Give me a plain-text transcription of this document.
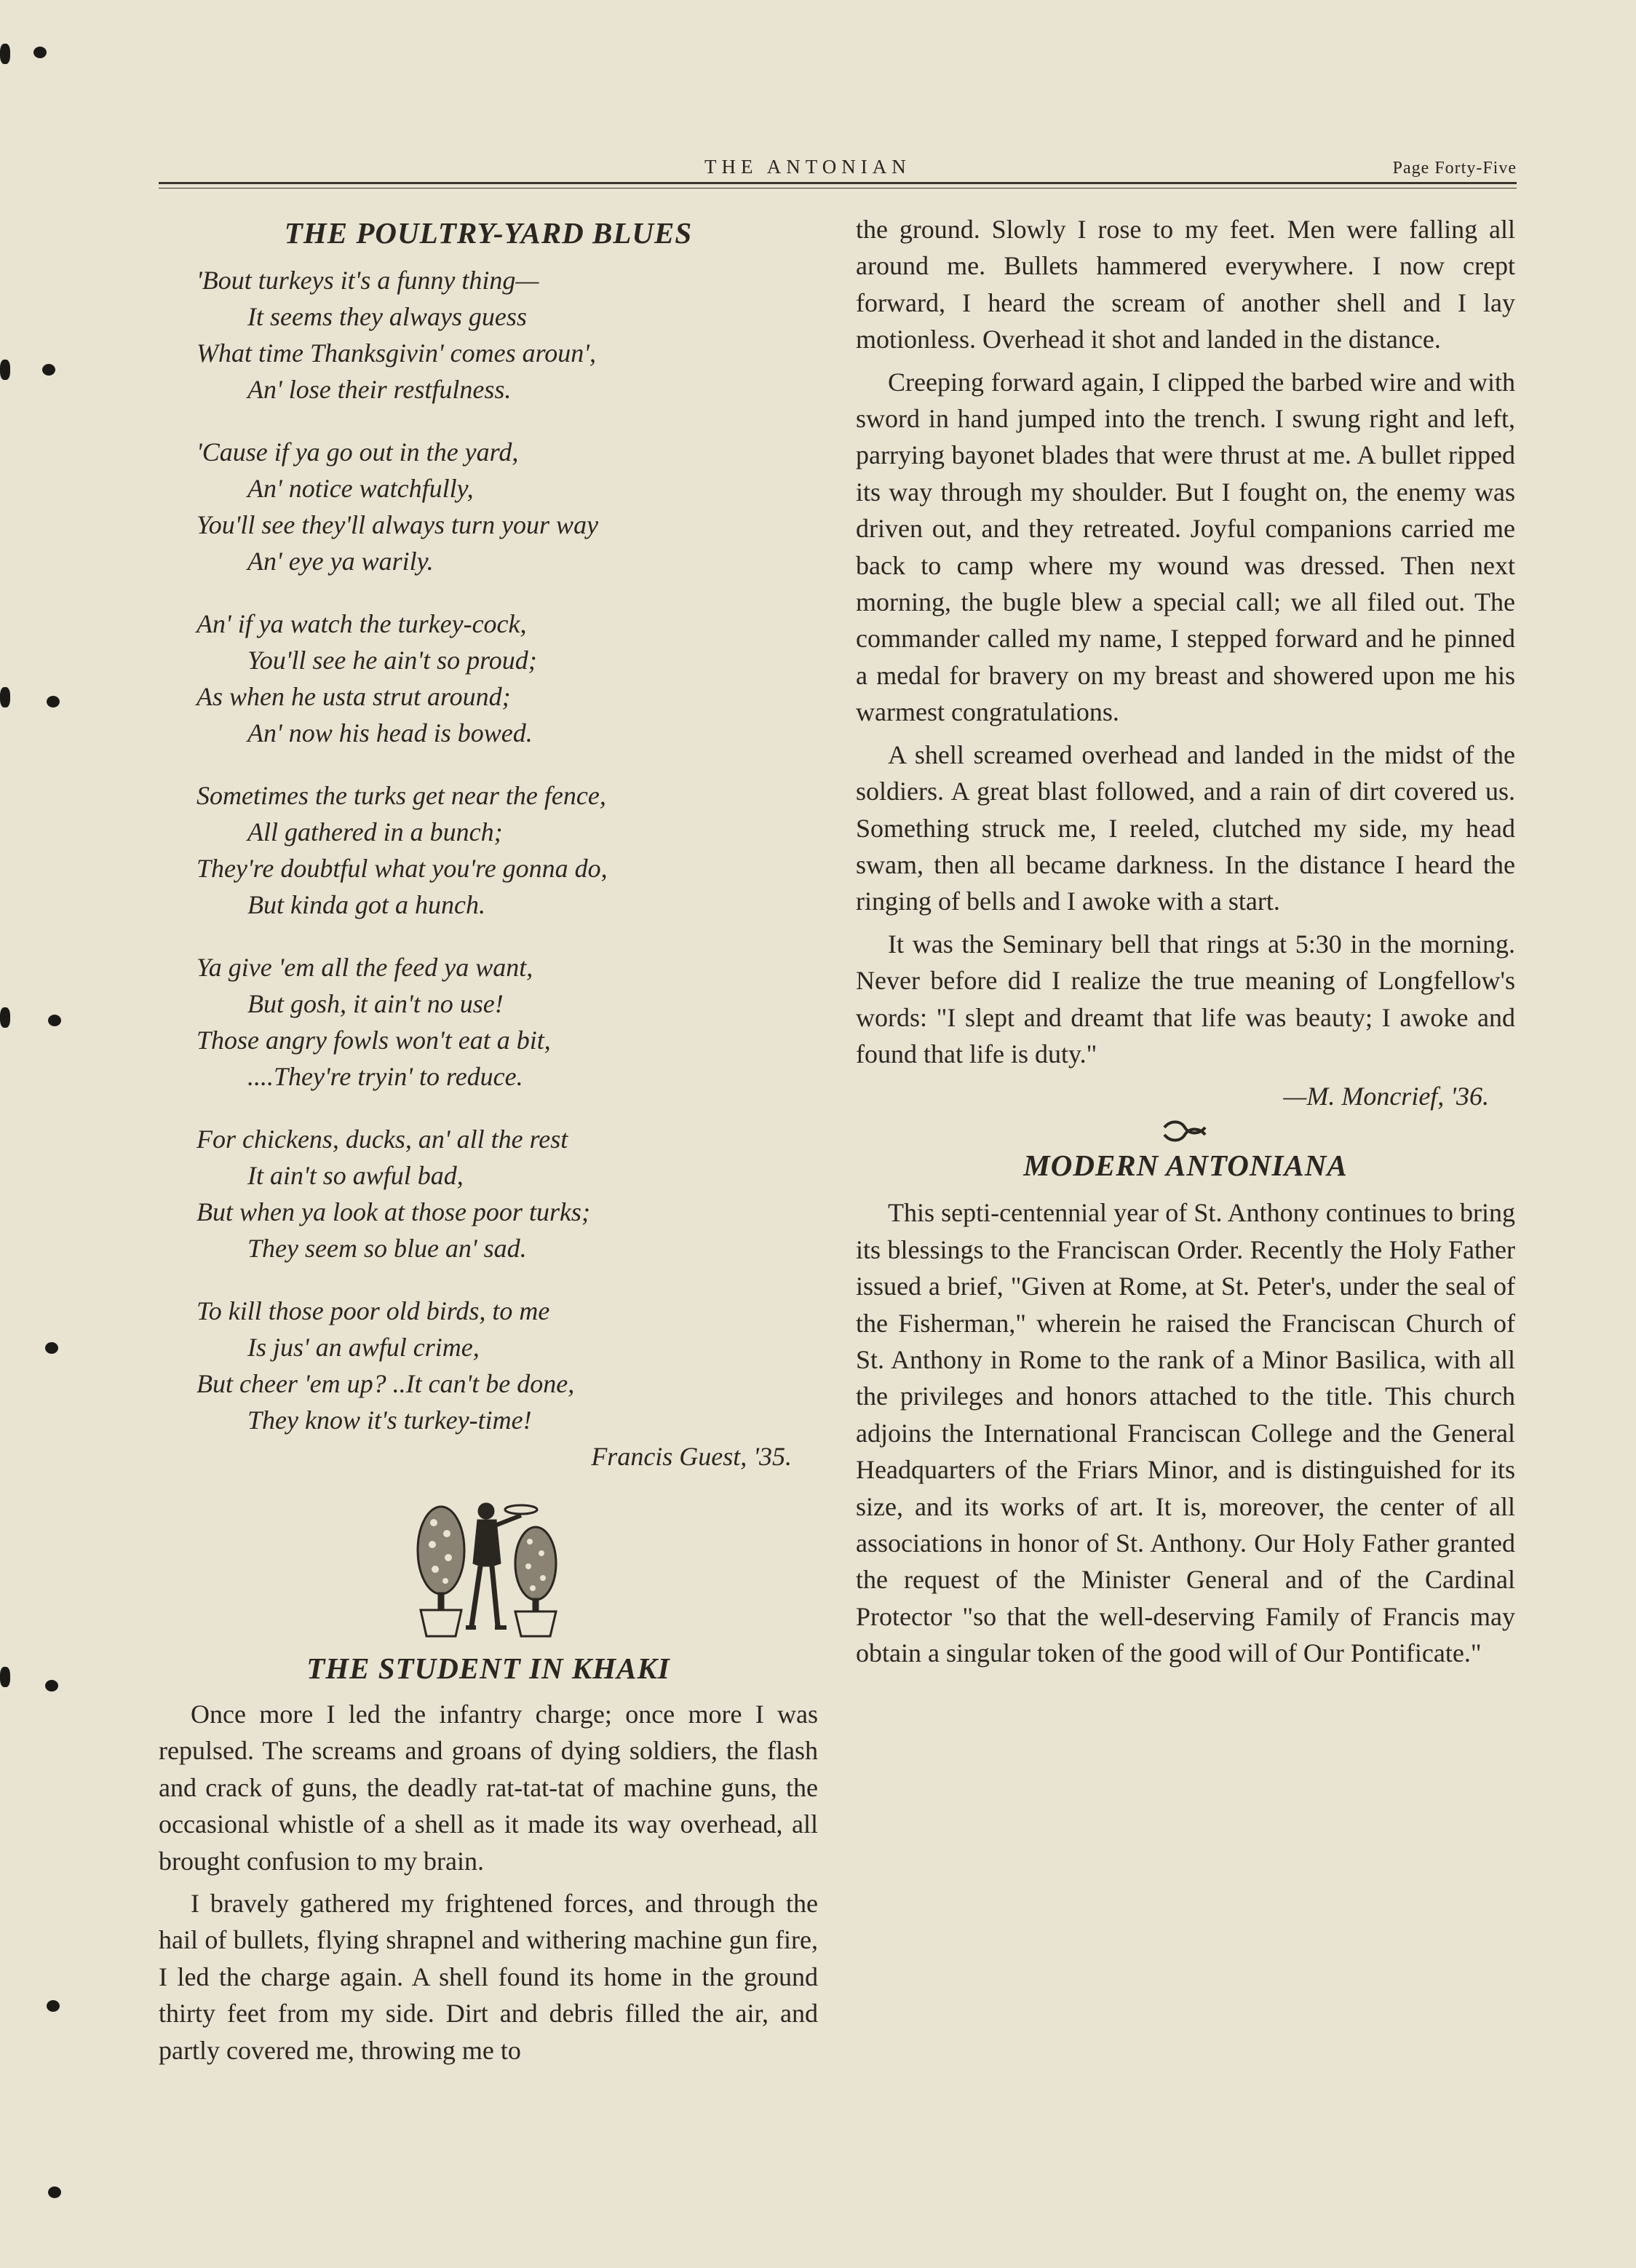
THE ANTONIAN	Page Forty-Five
THE POULTRY-YARD BLUES
'Bout turkeys it's a funny thing—
It seems they always guess
What time Thanksgivin' comes aroun',
An' lose their restfulness.
'Cause if ya go out in the yard,
An' notice watchfully,
You'll see they'll always turn your way
An' eye ya warily.
An' if ya watch the turkey-cock,
You'll see he ain't so proud;
As when he usta strut around;
An' now his head is bowed.
Sometimes the turks get near the fence,
All gathered in a bunch;
They're doubtful what you're gonna do,
But kinda got a hunch.
Ya give 'em all the feed ya want,
But gosh, it ain't no use!
Those angry fowls won't eat a bit,
....They're tryin' to reduce.
For chickens, ducks, an' all the rest
It ain't so awful bad,
But when ya look at those poor turks;
They seem so blue an' sad.
To kill those poor old birds, to me
Is jus' an awful crime,
But cheer 'em up? ..It can't be done,
They know it's turkey-time!
Francis Guest, '35.
THE STUDENT IN KHAKI

Once more I led the infantry charge; once more I was repulsed. The screams and groans of dying soldiers, the flash and crack of guns, the deadly rat-tat-tat of machine guns, the occasional whistle of a shell as it made its way overhead, all brought confusion to my brain.

I bravely gathered my frightened forces, and through the hail of bullets, flying shrapnel and withering machine gun fire, I led the charge again. A shell found its home in the ground thirty feet from my side. Dirt and debris filled the air, and partly covered me, throwing me to

the ground. Slowly I rose to my feet. Men were falling all around me. Bullets hammered everywhere. I now crept forward, I heard the scream of another shell and I lay motionless. Overhead it shot and landed in the distance.

Creeping forward again, I clipped the barbed wire and with sword in hand jumped into the trench. I swung right and left, parrying bayonet blades that were thrust at me. A bullet ripped its way through my shoulder. But I fought on, the enemy was driven out, and they retreated. Joyful companions carried me back to camp where my wound was dressed. Then next morning, the bugle blew a special call; we all filed out. The commander called my name, I stepped forward and he pinned a medal for bravery on my breast and showered upon me his warmest congratulations.

A shell screamed overhead and landed in the midst of the soldiers. A great blast followed, and a rain of dirt covered us. Something struck me, I reeled, clutched my side, my head swam, then all became darkness. In the distance I heard the ringing of bells and I awoke with a start.

It was the Seminary bell that rings at 5:30 in the morning. Never before did I realize the true meaning of Longfellow's words: "I slept and dreamt that life was beauty; I awoke and found that life is duty."

—M. Moncrief, '36.
MODERN ANTONIANA

This septi-centennial year of St. Anthony continues to bring its blessings to the Franciscan Order. Recently the Holy Father issued a brief, "Given at Rome, at St. Peter's, under the seal of the Fisherman," wherein he raised the Franciscan Church of St. Anthony in Rome to the rank of a Minor Basilica, with all the privileges and honors attached to the title. This church adjoins the International Franciscan College and the General Headquarters of the Friars Minor, and is distinguished for its size, and its works of art. It is, moreover, the center of all associations in honor of St. Anthony. Our Holy Father granted the request of the Minister General and of the Cardinal Protector "so that the well-deserving Family of Francis may obtain a singular token of the good will of Our Pontificate."
